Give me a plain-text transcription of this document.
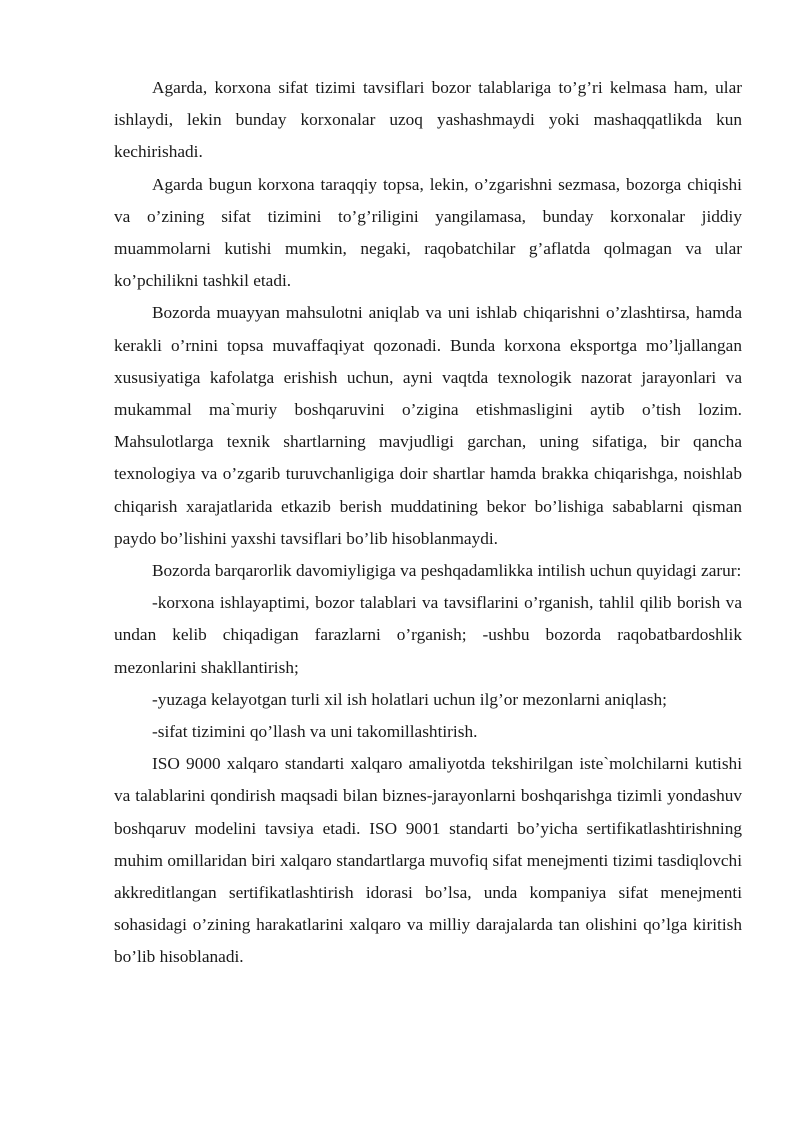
Agarda, korxona sifat tizimi tavsiflari bozor talablariga to’g’ri kelmasa ham, ular ishlaydi, lekin bunday korxonalar uzoq yashashmaydi yoki mashaqqatlikda kun kechirishadi.

Agarda bugun korxona taraqqiy topsa, lekin, o’zgarishni sezmasa, bozorga chiqishi va o’zining sifat tizimini to’g’riligini yangilamasa, bunday korxonalar jiddiy muammolarni kutishi mumkin, negaki, raqobatchilar g’aflatda qolmagan va ular ko’pchilikni tashkil etadi.

Bozorda muayyan mahsulotni aniqlab va uni ishlab chiqarishni o’zlashtirsa, hamda kerakli o’rnini topsa muvaffaqiyat qozonadi. Bunda korxona eksportga mo’ljallangan xususiyatiga kafolatga erishish uchun, ayni vaqtda texnologik nazorat jarayonlari va mukammal ma`muriy boshqaruvini o’zigina etishmasligini aytib o’tish lozim. Mahsulotlarga texnik shartlarning mavjudligi garchan, uning sifatiga, bir qancha texnologiya va o’zgarib turuvchanligiga doir shartlar hamda brakka chiqarishga, noishlab chiqarish xarajatlarida etkazib berish muddatining bekor bo’lishiga sabablarni qisman paydo bo’lishini yaxshi tavsiflari bo’lib hisoblanmaydi.

Bozorda barqarorlik davomiyligiga va peshqadamlikka intilish uchun quyidagi zarur:

-korxona ishlayaptimi, bozor talablari va tavsiflarini o’rganish, tahlil qilib borish va undan kelib chiqadigan farazlarni o’rganish; -ushbu bozorda raqobatbardoshlik mezonlarini shakllantirish;

-yuzaga kelayotgan turli xil ish holatlari uchun ilg’or mezonlarni aniqlash;

-sifat tizimini qo’llash va uni takomillashtirish.

ISO 9000 xalqaro standarti xalqaro amaliyotda tekshirilgan iste`molchilarni kutishi va talablarini qondirish maqsadi bilan biznes-jarayonlarni boshqarishga tizimli yondashuv boshqaruv modelini tavsiya etadi. ISO 9001 standarti bo’yicha sertifikatlashtirishning muhim omillaridan biri xalqaro standartlarga muvofiq sifat menejmenti tizimi tasdiqlovchi akkreditlangan sertifikatlashtirish idorasi bo’lsa, unda kompaniya sifat menejmenti sohasidagi o’zining harakatlarini xalqaro va milliy darajalarda tan olishini qo’lga kiritish bo’lib hisoblanadi.
